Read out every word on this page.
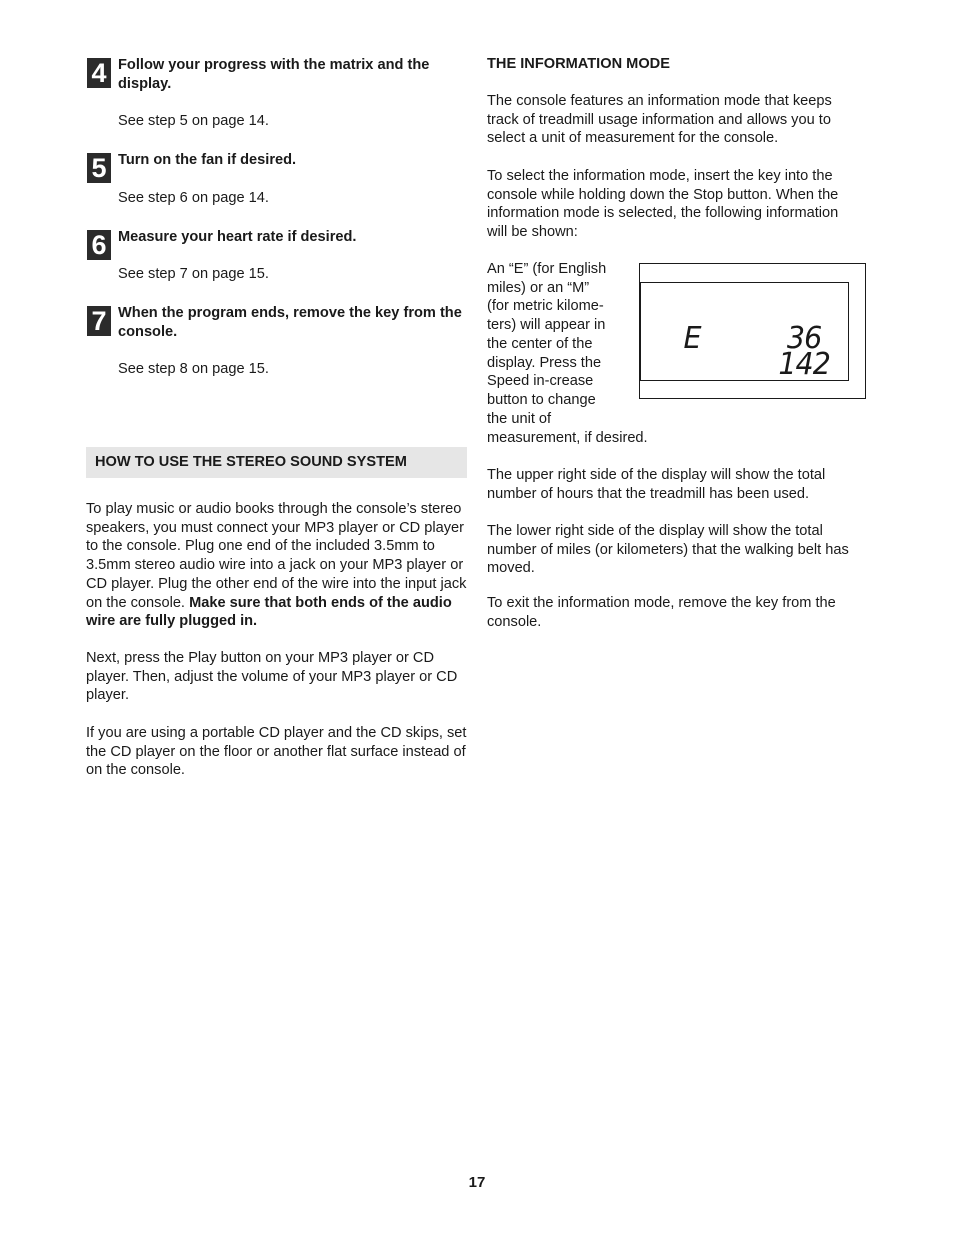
4 Follow your progress with the matrix and the display.
See step 5 on page 14.
5 Turn on the fan if desired.
See step 6 on page 14.
6 Measure your heart rate if desired.
See step 7 on page 15.
7 When the program ends, remove the key from the console.
See step 8 on page 15.
HOW TO USE THE STEREO SOUND SYSTEM
To play music or audio books through the console’s stereo speakers, you must connect your MP3 player or CD player to the console. Plug one end of the included 3.5mm to 3.5mm stereo audio wire into a jack on your MP3 player or CD player. Plug the other end of the wire into the input jack on the console. Make sure that both ends of the audio wire are fully plugged in.
Next, press the Play button on your MP3 player or CD player. Then, adjust the volume of your MP3 player or CD player.
If you are using a portable CD player and the CD skips, set the CD player on the floor or another flat surface instead of on the console.
THE INFORMATION MODE
The console features an information mode that keeps track of treadmill usage information and allows you to select a unit of measurement for the console.
To select the information mode, insert the key into the console while holding down the Stop button. When the information mode is selected, the following information will be shown:
An “E” (for English miles) or an “M” (for metric kilome-ters) will appear in the center of the display. Press the Speed in-crease button to change the unit of
measurement, if desired.
E	36
142
The upper right side of the display will show the total number of hours that the treadmill has been used.
The lower right side of the display will show the total number of miles (or kilometers) that the walking belt has moved.
To exit the information mode, remove the key from the console.
17
